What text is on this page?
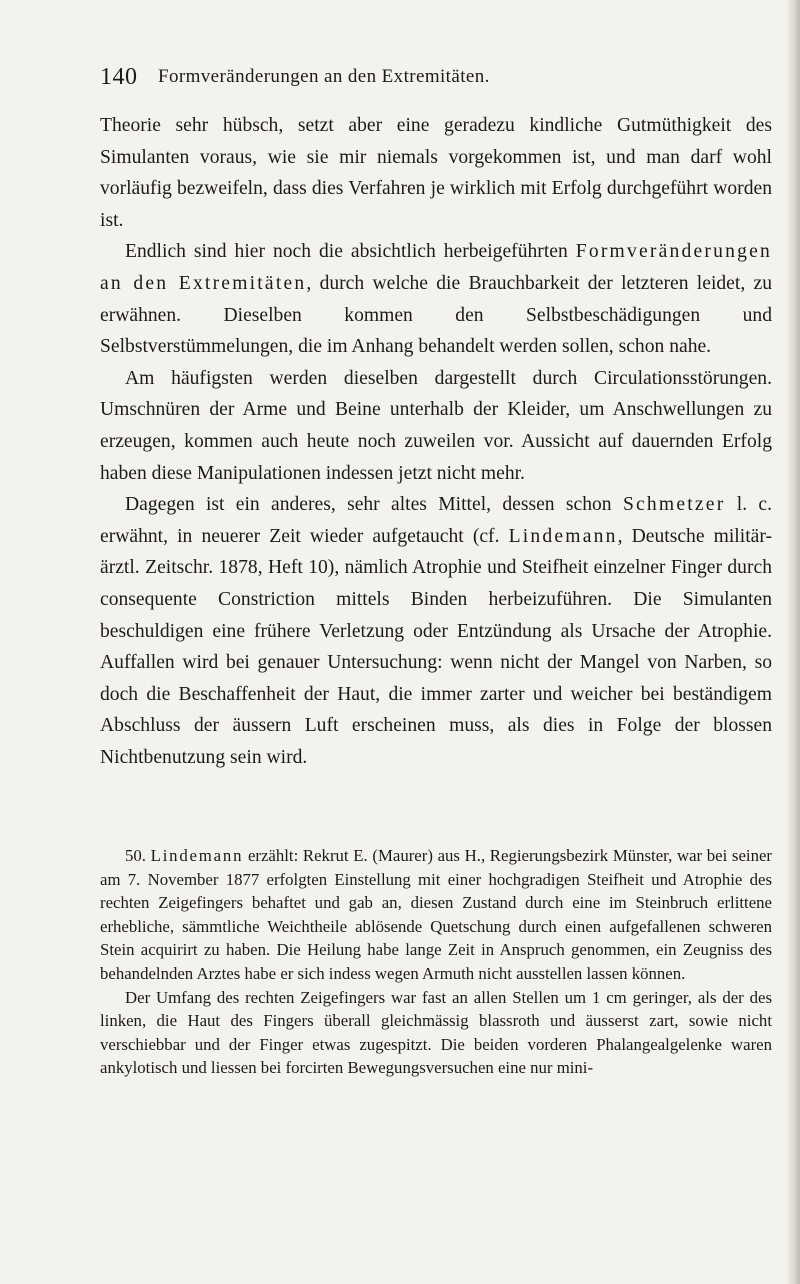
140 Formveränderungen an den Extremitäten.

Theorie sehr hübsch, setzt aber eine geradezu kindliche Gutmüthigkeit des Simulanten voraus, wie sie mir niemals vorgekommen ist, und man darf wohl vorläufig bezweifeln, dass dies Verfahren je wirklich mit Erfolg durchgeführt worden ist.

Endlich sind hier noch die absichtlich herbeigeführten Formveränderungen an den Extremitäten, durch welche die Brauchbarkeit der letzteren leidet, zu erwähnen. Dieselben kommen den Selbstbeschädigungen und Selbstverstümmelungen, die im Anhang behandelt werden sollen, schon nahe.

Am häufigsten werden dieselben dargestellt durch Circulationsstörungen. Umschnüren der Arme und Beine unterhalb der Kleider, um Anschwellungen zu erzeugen, kommen auch heute noch zuweilen vor. Aussicht auf dauernden Erfolg haben diese Manipulationen indessen jetzt nicht mehr.

Dagegen ist ein anderes, sehr altes Mittel, dessen schon Schmetzer l. c. erwähnt, in neuerer Zeit wieder aufgetaucht (cf. Lindemann, Deutsche militär-ärztl. Zeitschr. 1878, Heft 10), nämlich Atrophie und Steifheit einzelner Finger durch consequente Constriction mittels Binden herbeizuführen. Die Simulanten beschuldigen eine frühere Verletzung oder Entzündung als Ursache der Atrophie. Auffallen wird bei genauer Untersuchung: wenn nicht der Mangel von Narben, so doch die Beschaffenheit der Haut, die immer zarter und weicher bei beständigem Abschluss der äussern Luft erscheinen muss, als dies in Folge der blossen Nichtbenutzung sein wird.

50. Lindemann erzählt: Rekrut E. (Maurer) aus H., Regierungsbezirk Münster, war bei seiner am 7. November 1877 erfolgten Einstellung mit einer hochgradigen Steifheit und Atrophie des rechten Zeigefingers behaftet und gab an, diesen Zustand durch eine im Steinbruch erlittene erhebliche, sämmtliche Weichtheile ablösende Quetschung durch einen aufgefallenen schweren Stein acquirirt zu haben. Die Heilung habe lange Zeit in Anspruch genommen, ein Zeugniss des behandelnden Arztes habe er sich indess wegen Armuth nicht ausstellen lassen können.

Der Umfang des rechten Zeigefingers war fast an allen Stellen um 1 cm geringer, als der des linken, die Haut des Fingers überall gleichmässig blassroth und äusserst zart, sowie nicht verschiebbar und der Finger etwas zugespitzt. Die beiden vorderen Phalangealgelenke waren ankylotisch und liessen bei forcirten Bewegungsversuchen eine nur mini-
